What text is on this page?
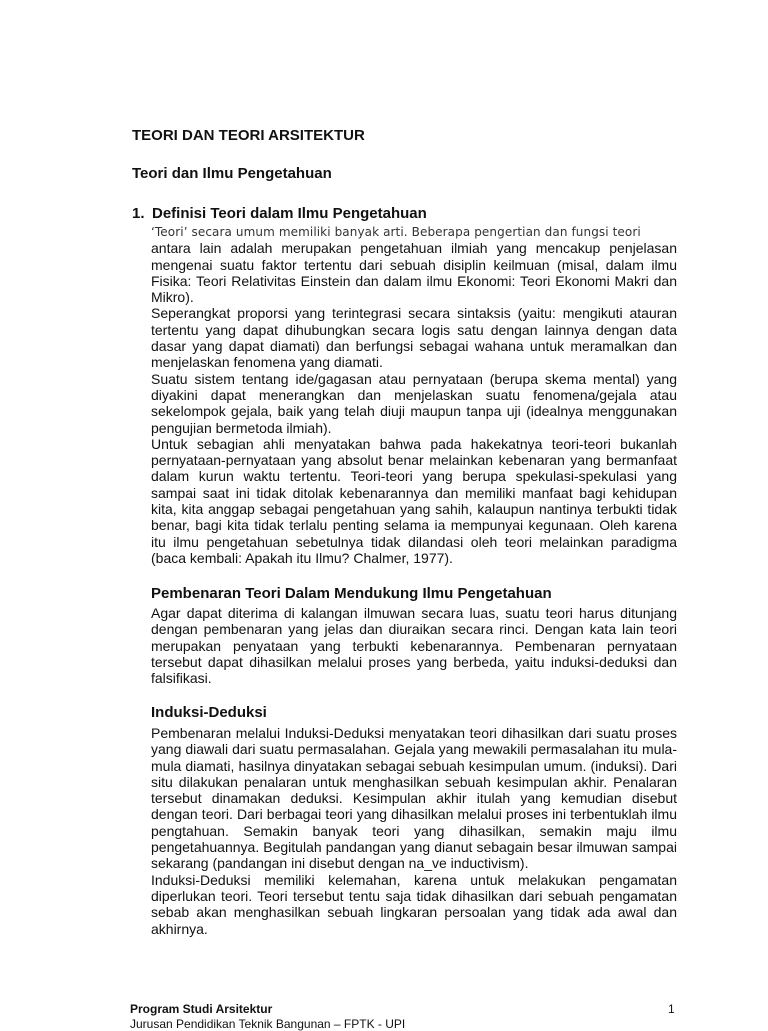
TEORI DAN TEORI ARSITEKTUR
Teori dan Ilmu Pengetahuan
1. Definisi Teori dalam Ilmu Pengetahuan

‘Teori’ secara umum memiliki banyak arti. Beberapa pengertian dan fungsi teori

antara lain adalah merupakan pengetahuan ilmiah yang mencakup penjelasan mengenai suatu faktor tertentu dari sebuah disiplin keilmuan (misal, dalam ilmu Fisika: Teori Relativitas Einstein dan dalam ilmu Ekonomi: Teori Ekonomi Makri dan Mikro).

Seperangkat proporsi yang terintegrasi secara sintaksis (yaitu: mengikuti atauran tertentu yang dapat dihubungkan secara logis satu dengan lainnya dengan data dasar yang dapat diamati) dan berfungsi sebagai wahana untuk meramalkan dan menjelaskan fenomena yang diamati.

Suatu sistem tentang ide/gagasan atau pernyataan (berupa skema mental) yang diyakini dapat menerangkan dan menjelaskan suatu fenomena/gejala atau sekelompok gejala, baik yang telah diuji maupun tanpa uji (idealnya menggunakan pengujian bermetoda ilmiah).

Untuk sebagian ahli menyatakan bahwa pada hakekatnya teori-teori bukanlah pernyataan-pernyataan yang absolut benar melainkan kebenaran yang bermanfaat dalam kurun waktu tertentu. Teori-teori yang berupa spekulasi-spekulasi yang sampai saat ini tidak ditolak kebenarannya dan memiliki manfaat bagi kehidupan kita, kita anggap sebagai pengetahuan yang sahih, kalaupun nantinya terbukti tidak benar, bagi kita tidak terlalu penting selama ia mempunyai kegunaan. Oleh karena itu ilmu pengetahuan sebetulnya tidak dilandasi oleh teori melainkan paradigma (baca kembali: Apakah itu Ilmu? Chalmer, 1977).

Pembenaran Teori Dalam Mendukung Ilmu Pengetahuan

Agar dapat diterima di kalangan ilmuwan secara luas, suatu teori harus ditunjang dengan pembenaran yang jelas dan diuraikan secara rinci. Dengan kata lain teori merupakan penyataan yang terbukti kebenarannya. Pembenaran pernyataan tersebut dapat dihasilkan melalui proses yang berbeda, yaitu induksi-deduksi dan falsifikasi.

Induksi-Deduksi

Pembenaran melalui Induksi-Deduksi menyatakan teori dihasilkan dari suatu proses yang diawali dari suatu permasalahan. Gejala yang mewakili permasalahan itu mula-mula diamati, hasilnya dinyatakan sebagai sebuah kesimpulan umum. (induksi). Dari situ dilakukan penalaran untuk menghasilkan sebuah kesimpulan akhir. Penalaran tersebut dinamakan deduksi. Kesimpulan akhir itulah yang kemudian disebut dengan teori. Dari berbagai teori yang dihasilkan melalui proses ini terbentuklah ilmu pengtahuan. Semakin banyak teori yang dihasilkan, semakin maju ilmu pengetahuannya. Begitulah pandangan yang dianut sebagain besar ilmuwan sampai sekarang (pandangan ini disebut dengan na_ve inductivism).

Induksi-Deduksi memiliki kelemahan, karena untuk melakukan pengamatan diperlukan teori. Teori tersebut tentu saja tidak dihasilkan dari sebuah pengamatan sebab akan menghasilkan sebuah lingkaran persoalan yang tidak ada awal dan akhirnya.

Program Studi Arsitektur
Jurusan Pendidikan Teknik Bangunan – FPTK - UPI
1
